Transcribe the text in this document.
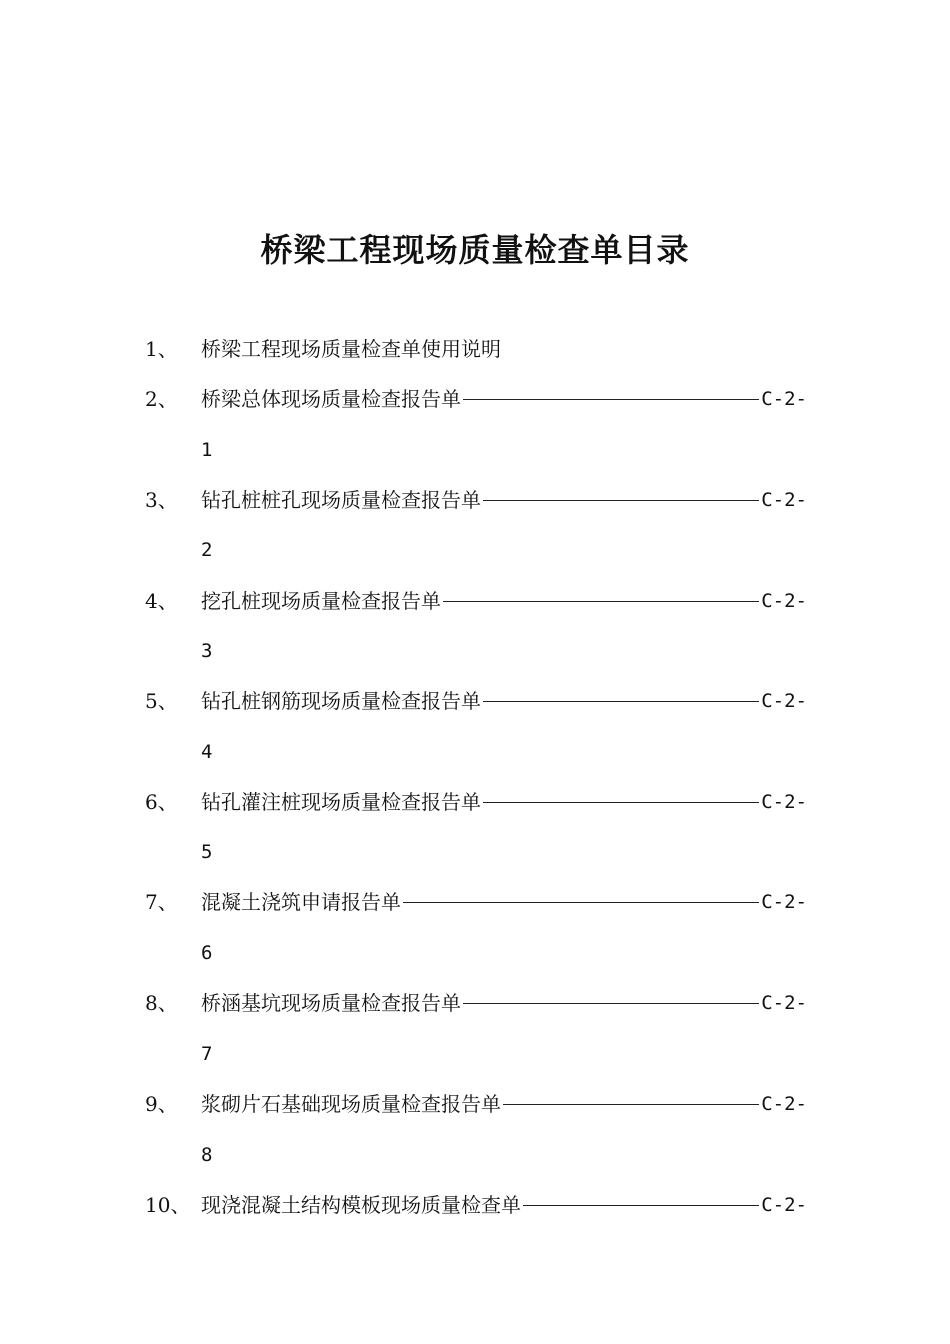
桥梁工程现场质量检查单目录
1、	桥梁工程现场质量检查单使用说明
2、	桥梁总体现场质量检查报告单	C-2-
1
3、	钻孔桩桩孔现场质量检查报告单	C-2-
2
4、	挖孔桩现场质量检查报告单	C-2-
3
5、	钻孔桩钢筋现场质量检查报告单	C-2-
4
6、	钻孔灌注桩现场质量检查报告单	C-2-
5
7、	混凝土浇筑申请报告单	C-2-
6
8、	桥涵基坑现场质量检查报告单	C-2-
7
9、	浆砌片石基础现场质量检查报告单	C-2-
8
10、 现浇混凝土结构模板现场质量检查单	C-2-
